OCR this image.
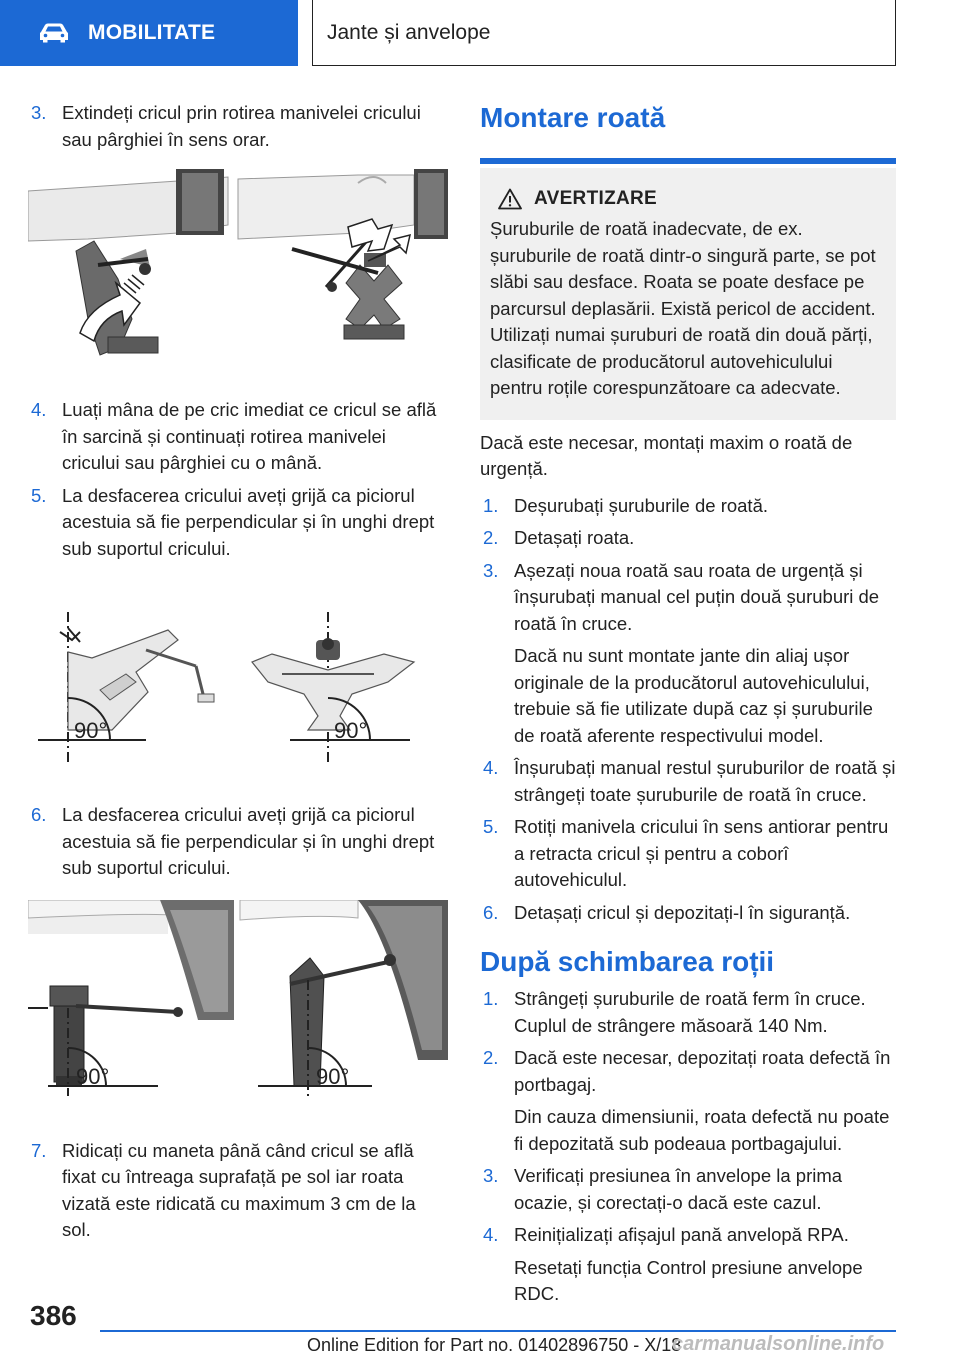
MOBILITATE	Jante și anvelope
3. Extindeți cricul prin rotirea manivelei cricului sau pârghiei în sens orar.

4. Luați mâna de pe cric imediat ce cricul se află în sarcină și continuați rotirea manivelei cricului sau pârghiei cu o mână.

5. La desfacerea cricului aveți grijă ca piciorul acestuia să fie perpendicular și în unghi drept sub suportul cricului.

90°	90°
6. La desfacerea cricului aveți grijă ca piciorul acestuia să fie perpendicular și în unghi drept sub suportul cricului.

90°	90°
7. Ridicați cu maneta până când cricul se află fixat cu întreaga suprafață pe sol iar roata vizată este ridicată cu maximum 3 cm de la sol.

Montare roată
AVERTIZARE

Șuruburile de roată inadecvate, de ex. șuruburile de roată dintr-o singură parte, se pot slăbi sau desface. Roata se poate desface pe parcursul deplasării. Există pericol de accident. Utilizați numai șuruburi de roată din două părți, clasificate de producătorul autovehiculului pentru roțile corespunzătoare ca adecvate.

Dacă este necesar, montați maxim o roată de urgență.

1. Deșurubați șuruburile de roată.

2. Detașați roata.

3. Așezați noua roată sau roata de urgență și înșurubați manual cel puțin două șuruburi de roată în cruce.

Dacă nu sunt montate jante din aliaj ușor originale de la producătorul autovehiculului, trebuie să fie utilizate după caz și șuruburile de roată aferente respectivului model.

4. Înșurubați manual restul șuruburilor de roată și strângeți toate șuruburile de roată în cruce.

5. Rotiți manivela cricului în sens antiorar pentru a retracta cricul și pentru a coborî autovehiculul.

6. Detașați cricul și depozitați-l în siguranță.

După schimbarea roții
1. Strângeți șuruburile de roată ferm în cruce. Cuplul de strângere măsoară 140 Nm.

2. Dacă este necesar, depozitați roata defectă în portbagaj.

Din cauza dimensiunii, roata defectă nu poate fi depozitată sub podeaua portbagajului.

3. Verificați presiunea în anvelope la prima ocazie, și corectați-o dacă este cazul.

4. Reinițializați afișajul pană anvelopă RPA.

Resetați funcția Control presiune anvelope RDC.

386
Online Edition for Part no. 01402896750 - X/18
carmanualsonline.info
